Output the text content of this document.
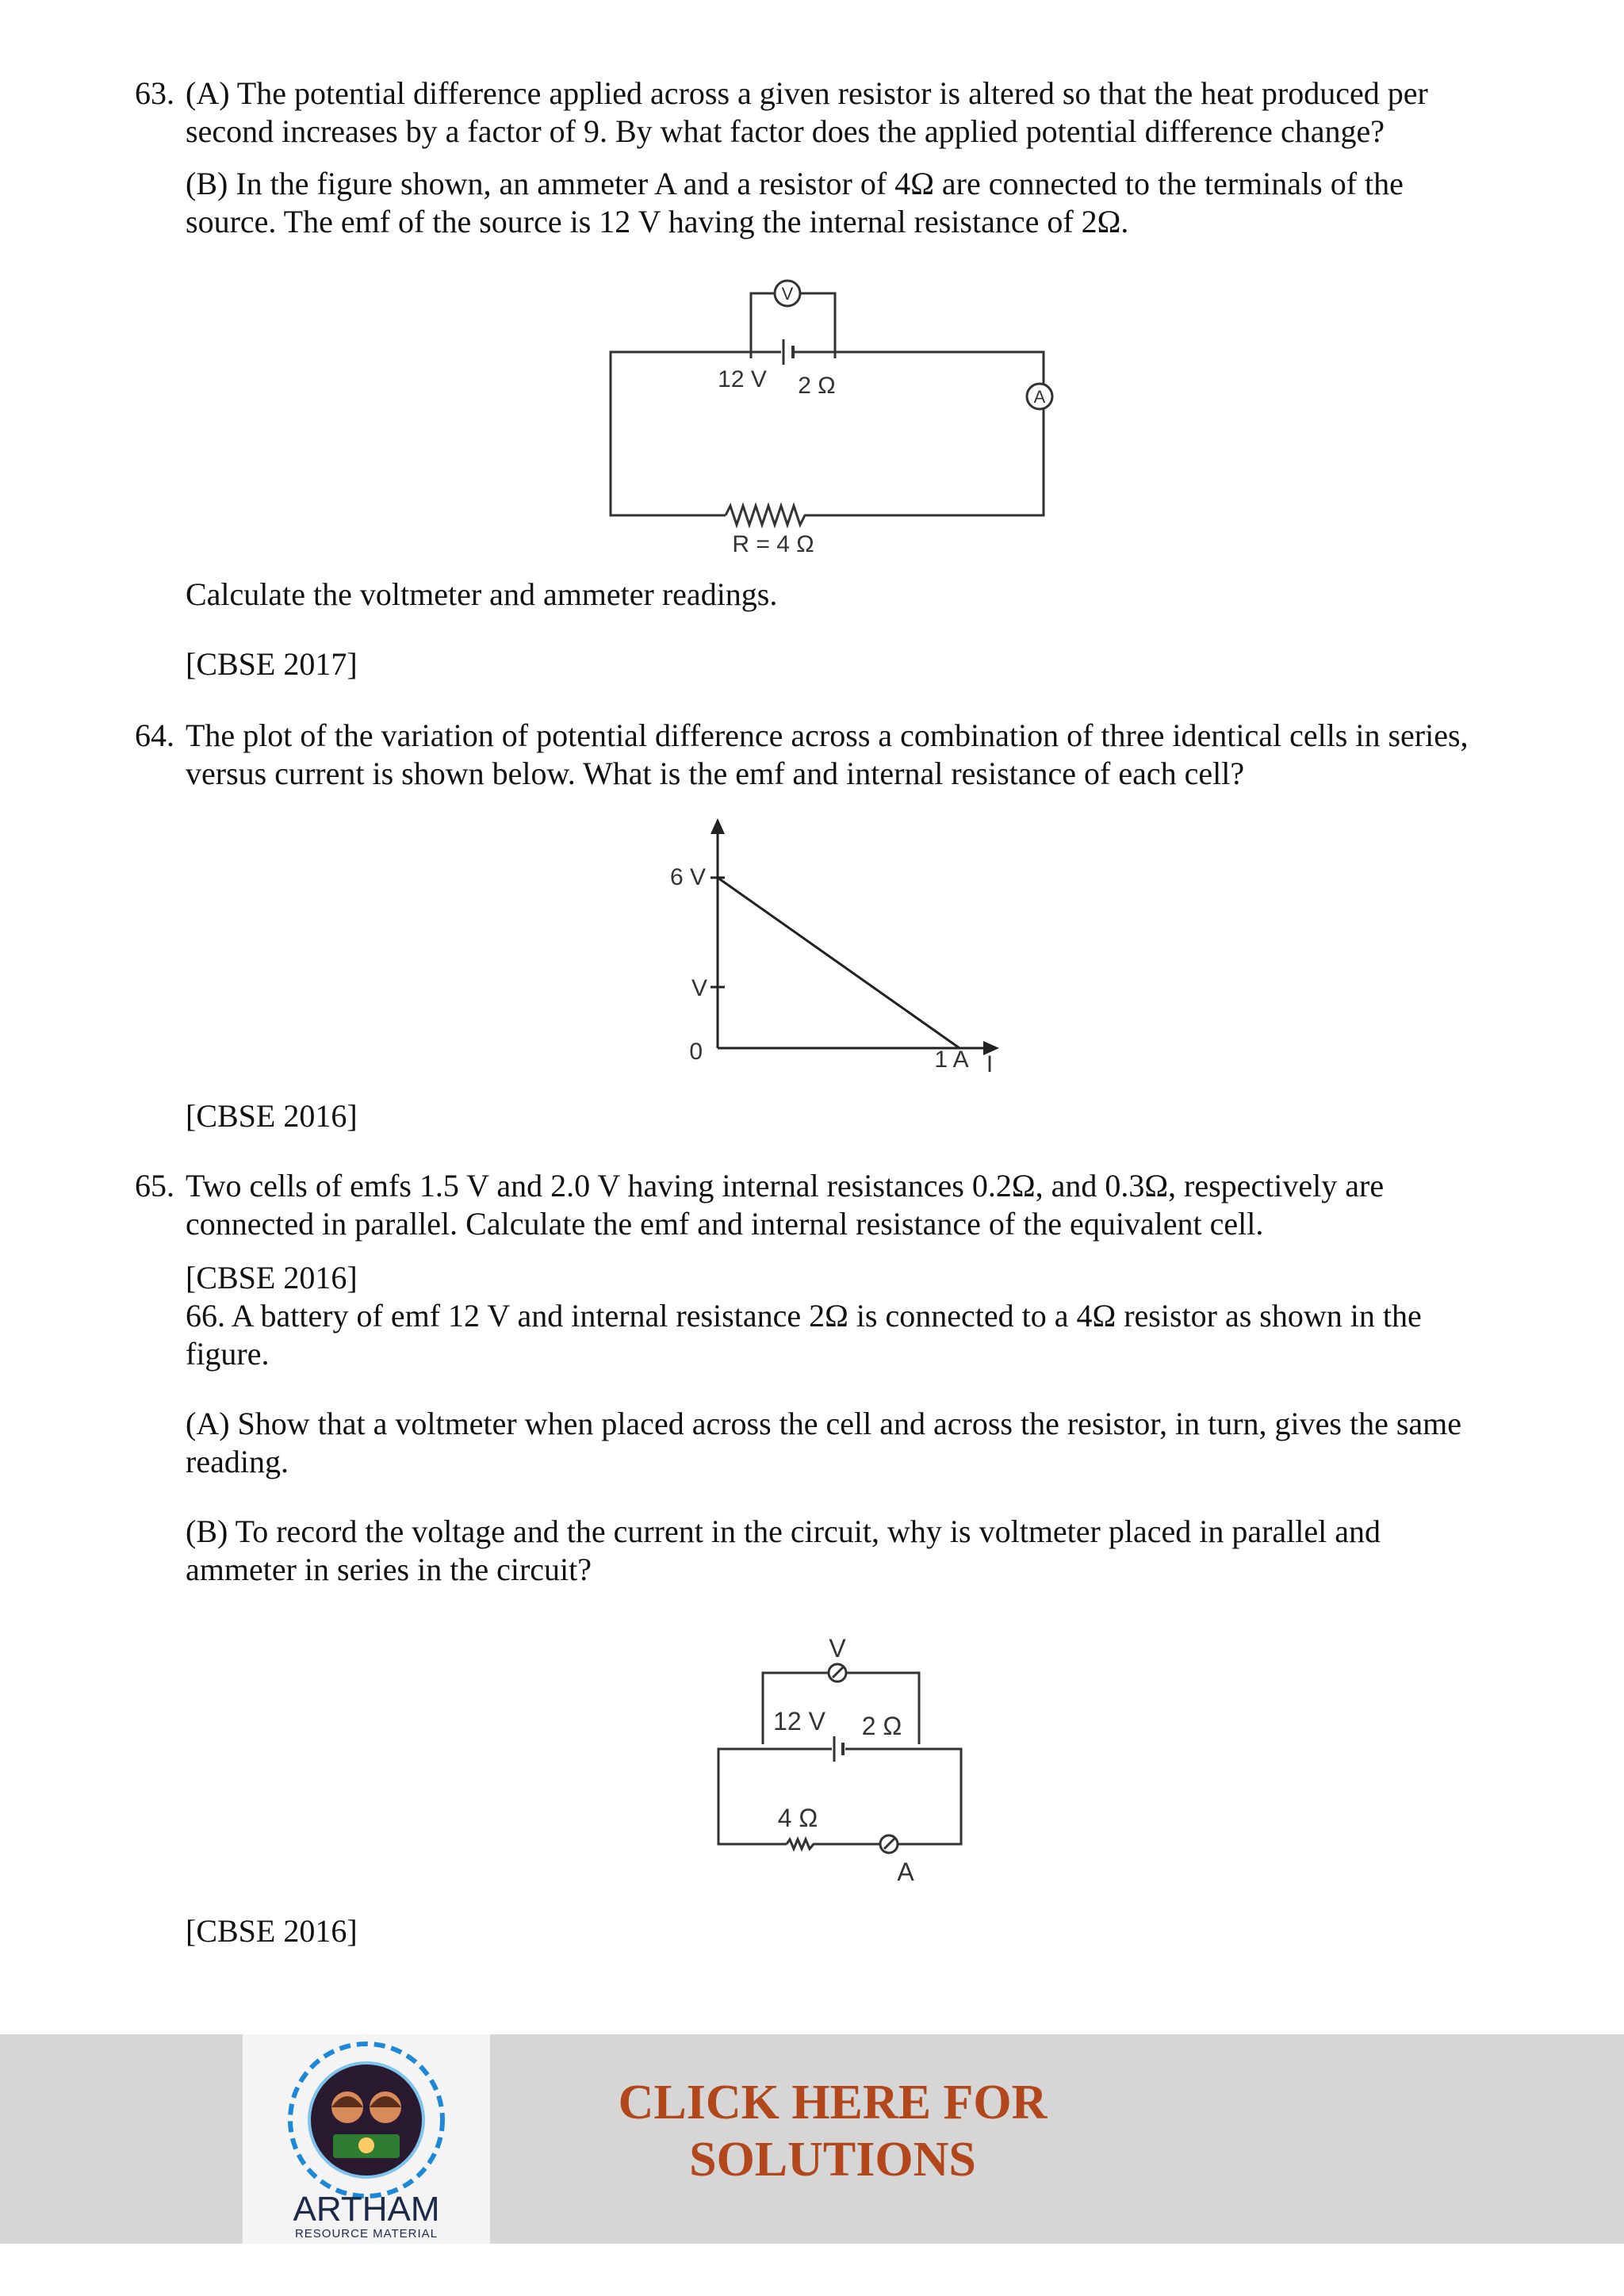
63. (A) The potential difference applied across a given resistor is altered so that the heat produced per second increases by a factor of 9. By what factor does the applied potential difference change?
(B) In the figure shown, an ammeter A and a resistor of 4Ω are connected to the terminals of the source. The emf of the source is 12 V having the internal resistance of 2Ω.
V
12 V 2 Ω	A
R = 4 Ω
Calculate the voltmeter and ammeter readings.
[CBSE 2017]
64. The plot of the variation of potential difference across a combination of three identical cells in series, versus current is shown below. What is the emf and internal resistance of each cell?
6 V
V
0	1 A I
[CBSE 2016]
65. Two cells of emfs 1.5 V and 2.0 V having internal resistances 0.2Ω, and 0.3Ω, respectively are connected in parallel. Calculate the emf and internal resistance of the equivalent cell.
[CBSE 2016]
66. A battery of emf 12 V and internal resistance 2Ω is connected to a 4Ω resistor as shown in the figure.
(A) Show that a voltmeter when placed across the cell and across the resistor, in turn, gives the same reading.
(B) To record the voltage and the current in the circuit, why is voltmeter placed in parallel and ammeter in series in the circuit?
V
12 V 2 Ω
4 Ω
A
[CBSE 2016]
ARTHAM
RESOURCE MATERIAL
CLICK HERE FOR
SOLUTIONS
